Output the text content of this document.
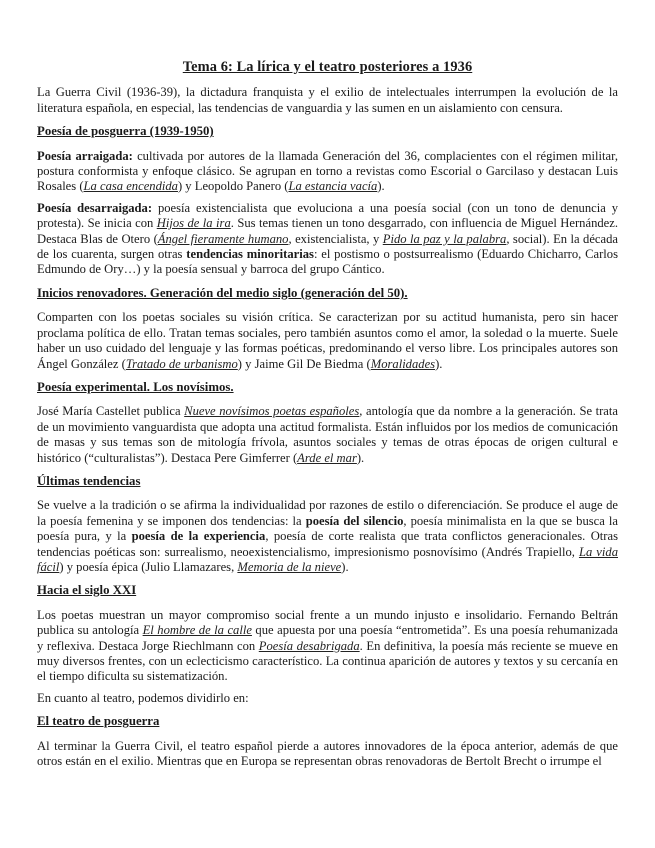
Tema 6: La lírica y el teatro posteriores a 1936

La Guerra Civil (1936-39), la dictadura franquista y el exilio de intelectuales interrumpen la evolución de la literatura española, en especial, las tendencias de vanguardia y las sumen en un aislamiento con censura.

Poesía de posguerra (1939-1950)

Poesía arraigada: cultivada por autores de la llamada Generación del 36, complacientes con el régimen militar, postura conformista y enfoque clásico. Se agrupan en torno a revistas como Escorial o Garcilaso y destacan Luis Rosales (La casa encendida) y Leopoldo Panero (La estancia vacía).

Poesía desarraigada: poesía existencialista que evoluciona a una poesía social (con un tono de denuncia y protesta). Se inicia con Hijos de la ira. Sus temas tienen un tono desgarrado, con influencia de Miguel Hernández. Destaca Blas de Otero (Ángel fieramente humano, existencialista, y Pido la paz y la palabra, social). En la década de los cuarenta, surgen otras tendencias minoritarias: el postismo o postsurrealismo (Eduardo Chicharro, Carlos Edmundo de Ory…) y la poesía sensual y barroca del grupo Cántico.

Inicios renovadores. Generación del medio siglo (generación del 50).

Comparten con los poetas sociales su visión crítica. Se caracterizan por su actitud humanista, pero sin hacer proclama política de ello. Tratan temas sociales, pero también asuntos como el amor, la soledad o la muerte. Suele haber un uso cuidado del lenguaje y las formas poéticas, predominando el verso libre. Los principales autores son Ángel González (Tratado de urbanismo) y Jaime Gil De Biedma (Moralidades).

Poesía experimental. Los novísimos.

José María Castellet publica Nueve novísimos poetas españoles, antología que da nombre a la generación. Se trata de un movimiento vanguardista que adopta una actitud formalista. Están influidos por los medios de comunicación de masas y sus temas son de mitología frívola, asuntos sociales y temas de otras épocas de origen cultural e histórico (“culturalistas”). Destaca Pere Gimferrer (Arde el mar).

Últimas tendencias

Se vuelve a la tradición o se afirma la individualidad por razones de estilo o diferenciación. Se produce el auge de la poesía femenina y se imponen dos tendencias: la poesía del silencio, poesía minimalista en la que se busca la poesía pura, y la poesía de la experiencia, poesía de corte realista que trata conflictos generacionales. Otras tendencias poéticas son: surrealismo, neoexistencialismo, impresionismo posnovísimo (Andrés Trapiello, La vida fácil) y poesía épica (Julio Llamazares, Memoria de la nieve).

Hacia el siglo XXI

Los poetas muestran un mayor compromiso social frente a un mundo injusto e insolidario. Fernando Beltrán publica su antología El hombre de la calle que apuesta por una poesía “entrometida”. Es una poesía rehumanizada y reflexiva. Destaca Jorge Riechlmann con Poesía desabrigada. En definitiva, la poesía más reciente se mueve en muy diversos frentes, con un eclecticismo característico. La continua aparición de autores y textos y su cercanía en el tiempo dificulta su sistematización.

En cuanto al teatro, podemos dividirlo en:

El teatro de posguerra

Al terminar la Guerra Civil, el teatro español pierde a autores innovadores de la época anterior, además de que otros están en el exilio. Mientras que en Europa se representan obras renovadoras de Bertolt Brecht o irrumpe el
